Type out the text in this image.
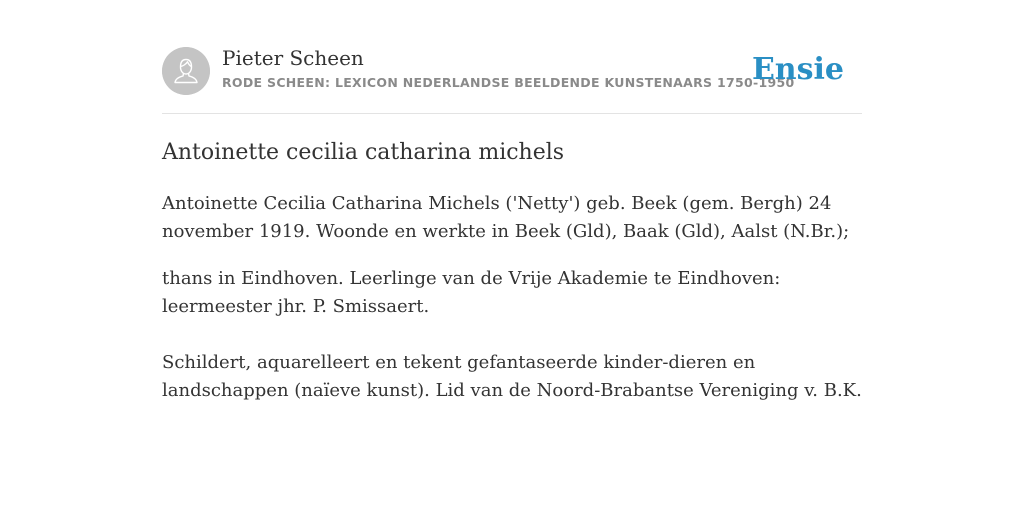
Pieter Scheen
RODE SCHEEN: LEXICON NEDERLANDSE BEELDENDE KUNSTENAARS 1750-1950
Ensie
Antoinette cecilia catharina michels
Antoinette Cecilia Catharina Michels ('Netty') geb. Beek (gem. Bergh) 24 november 1919. Woonde en werkte in Beek (Gld), Baak (Gld), Aalst (N.Br.);
thans in Eindhoven. Leerlinge van de Vrije Akademie te Eindhoven: leermeester jhr. P. Smissaert.
Schildert, aquarelleert en tekent gefantaseerde kinder-dieren en landschappen (naïeve kunst). Lid van de Noord-Brabantse Vereniging v. B.K.
